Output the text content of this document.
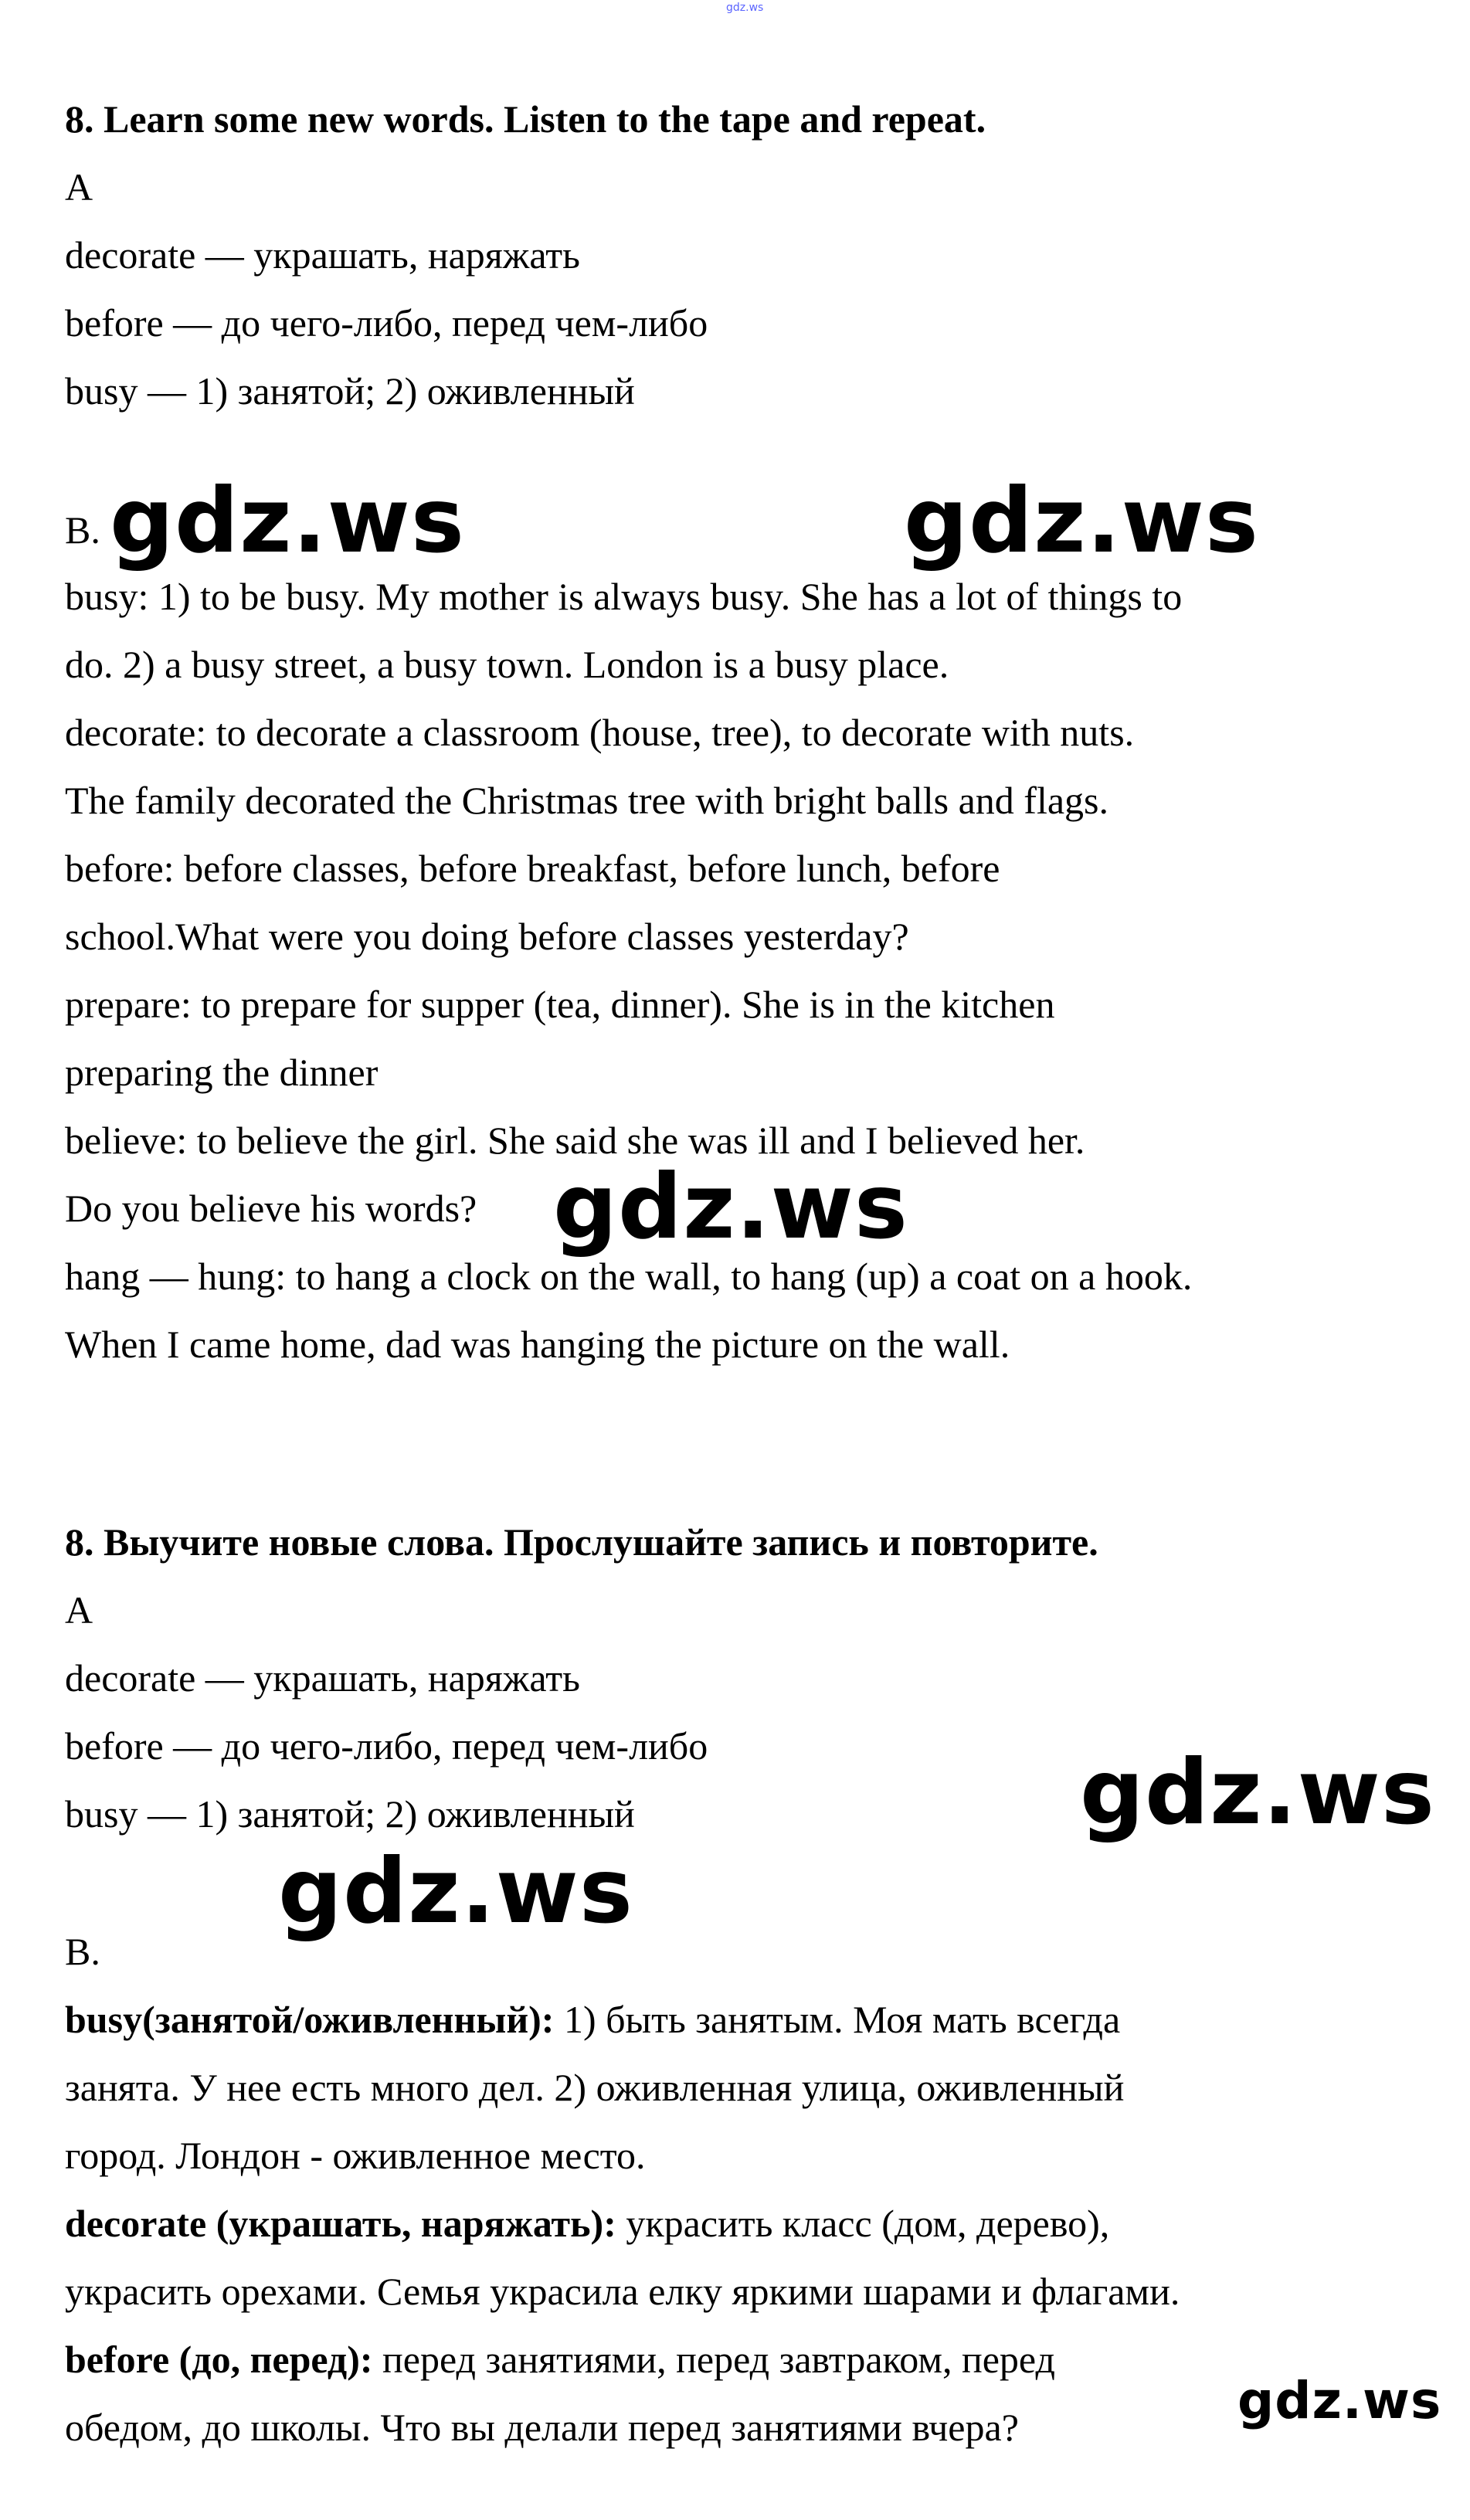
gdz.ws

8. Learn some new words. Listen to the tape and repeat.

A

decorate — украшать, наряжать

before — до чего-либо, перед чем-либо

busy — 1) занятой; 2) оживленный

B.

busy: 1) to be busy. My mother is always busy. She has a lot of things to

do. 2) a busy street, a busy town. London is a busy place.

decorate: to decorate a classroom (house, tree), to decorate with nuts.

The family decorated the Christmas tree with bright balls and flags.

before: before classes, before breakfast, before lunch, before

school.What were you doing before classes yesterday?

prepare: to prepare for supper (tea, dinner). She is in the kitchen

preparing the dinner

believe: to believe the girl. She said she was ill and I believed her.

Do you believe his words?

hang — hung: to hang a clock on the wall, to hang (up) a coat on a hook.

When I came home, dad was hanging the picture on the wall.

8. Выучите новые слова. Прослушайте запись и повторите.

А

decorate — украшать, наряжать

before — до чего-либо, перед чем-либо

busy — 1) занятой; 2) оживленный

В.

busy(занятой/оживленный): 1) быть занятым. Моя мать всегда

занята. У нее есть много дел. 2) оживленная улица, оживленный

город. Лондон - оживленное место.

decorate (украшать, наряжать): украсить класс (дом, дерево),

украсить орехами. Семья украсила елку яркими шарами и флагами.

before (до, перед): перед занятиями, перед завтраком, перед

обедом, до школы. Что вы делали перед занятиями вчера?

gdz.ws	gdz.ws

gdz.ws

gdz.ws

gdz.ws

gdz.ws
